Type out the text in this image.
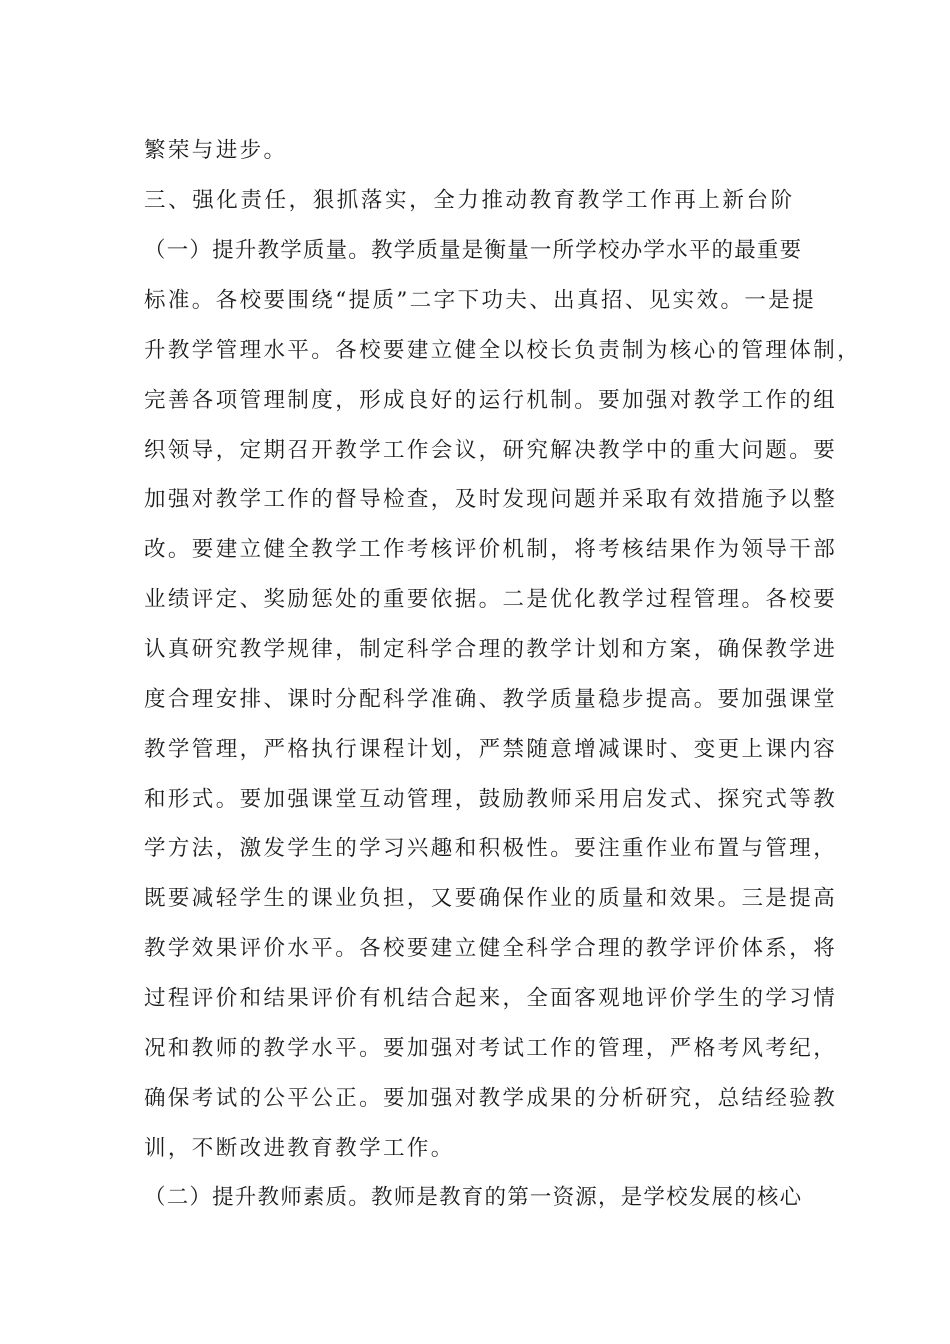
繁荣与进步。
三、强化责任，狠抓落实，全力推动教育教学工作再上新台阶
（一）提升教学质量。教学质量是衡量一所学校办学水平的最重要
标准。各校要围绕“提质”二字下功夫、出真招、见实效。一是提
升教学管理水平。各校要建立健全以校长负责制为核心的管理体制，
完善各项管理制度，形成良好的运行机制。要加强对教学工作的组
织领导，定期召开教学工作会议，研究解决教学中的重大问题。要
加强对教学工作的督导检查，及时发现问题并采取有效措施予以整
改。要建立健全教学工作考核评价机制，将考核结果作为领导干部
业绩评定、奖励惩处的重要依据。二是优化教学过程管理。各校要
认真研究教学规律，制定科学合理的教学计划和方案，确保教学进
度合理安排、课时分配科学准确、教学质量稳步提高。要加强课堂
教学管理，严格执行课程计划，严禁随意增减课时、变更上课内容
和形式。要加强课堂互动管理，鼓励教师采用启发式、探究式等教
学方法，激发学生的学习兴趣和积极性。要注重作业布置与管理，
既要减轻学生的课业负担，又要确保作业的质量和效果。三是提高
教学效果评价水平。各校要建立健全科学合理的教学评价体系，将
过程评价和结果评价有机结合起来，全面客观地评价学生的学习情
况和教师的教学水平。要加强对考试工作的管理，严格考风考纪，
确保考试的公平公正。要加强对教学成果的分析研究，总结经验教
训，不断改进教育教学工作。
（二）提升教师素质。教师是教育的第一资源，是学校发展的核心
